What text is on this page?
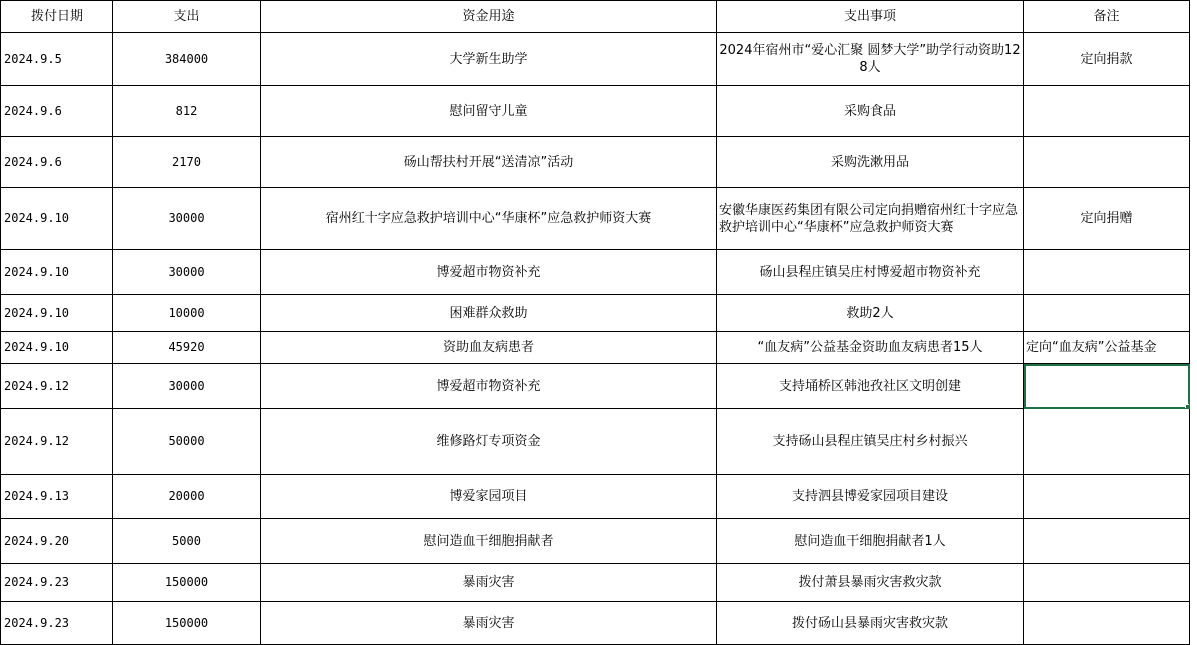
拨付日期	支出	资金用途	支出事项	备注
2024.9.5	384000	大学新生助学	2024年宿州市“爱心汇聚 圆梦大学”助学行动资助128人	定向捐款
2024.9.6	812	慰问留守儿童	采购食品	
2024.9.6	2170	砀山帮扶村开展“送清凉”活动	采购洗漱用品	
2024.9.10	30000	宿州红十字应急救护培训中心“华康杯”应急救护师资大赛	安徽华康医药集团有限公司定向捐赠宿州红十字应急救护培训中心“华康杯”应急救护师资大赛	定向捐赠
2024.9.10	30000	博爱超市物资补充	砀山县程庄镇吴庄村博爱超市物资补充	
2024.9.10	10000	困难群众救助	救助2人	
2024.9.10	45920	资助血友病患者	“血友病”公益基金资助血友病患者15人	定向“血友病”公益基金
2024.9.12	30000	博爱超市物资补充	支持埇桥区韩池孜社区文明创建	
2024.9.12	50000	维修路灯专项资金	支持砀山县程庄镇吴庄村乡村振兴	
2024.9.13	20000	博爱家园项目	支持泗县博爱家园项目建设	
2024.9.20	5000	慰问造血干细胞捐献者	慰问造血干细胞捐献者1人	
2024.9.23	150000	暴雨灾害	拨付萧县暴雨灾害救灾款	
2024.9.23	150000	暴雨灾害	拨付砀山县暴雨灾害救灾款	
